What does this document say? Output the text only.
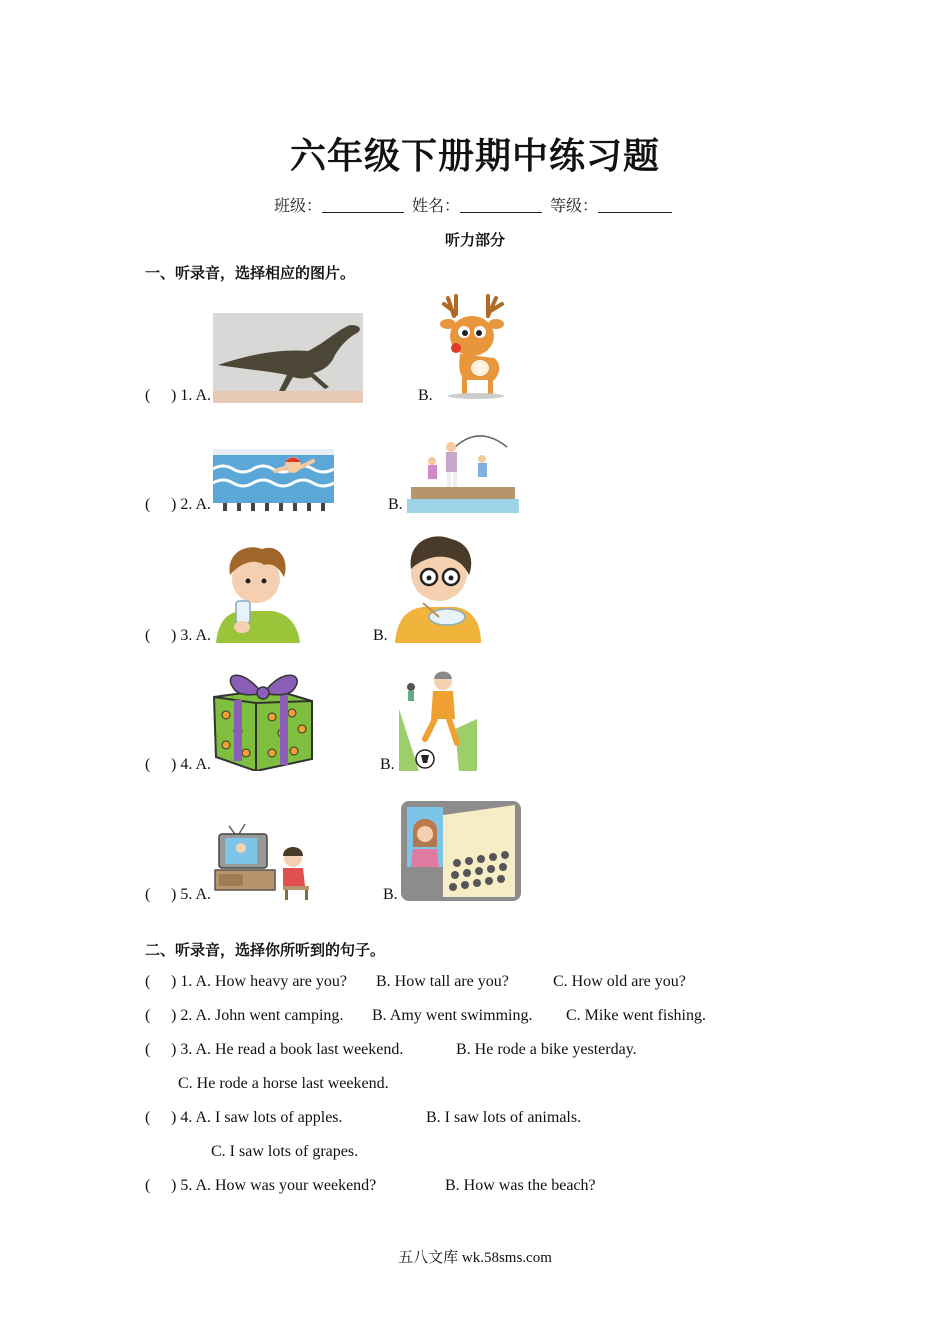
六年级下册期中练习题
班级：	姓名：	等级：
听力部分
一、听录音，选择相应的图片。
( ) 1. A.	B.
( ) 2. A.	B.
( ) 3. A.	B.
( ) 4. A.	B.
( ) 5. A.	B.
二、听录音，选择你所听到的句子。
( ) 1. A. How heavy are you? B. How tall are you?	C. How old are you?
( ) 2. A. John went camping. B. Amy went swimming. C. Mike went fishing.
( ) 3. A. He read a book last weekend.	B. He rode a bike yesterday.
C. He rode a horse last weekend.
( ) 4. A. I saw lots of apples.	B. I saw lots of animals.
C. I saw lots of grapes.
( ) 5. A. How was your weekend?	B. How was the beach?
五八文库 wk.58sms.com
